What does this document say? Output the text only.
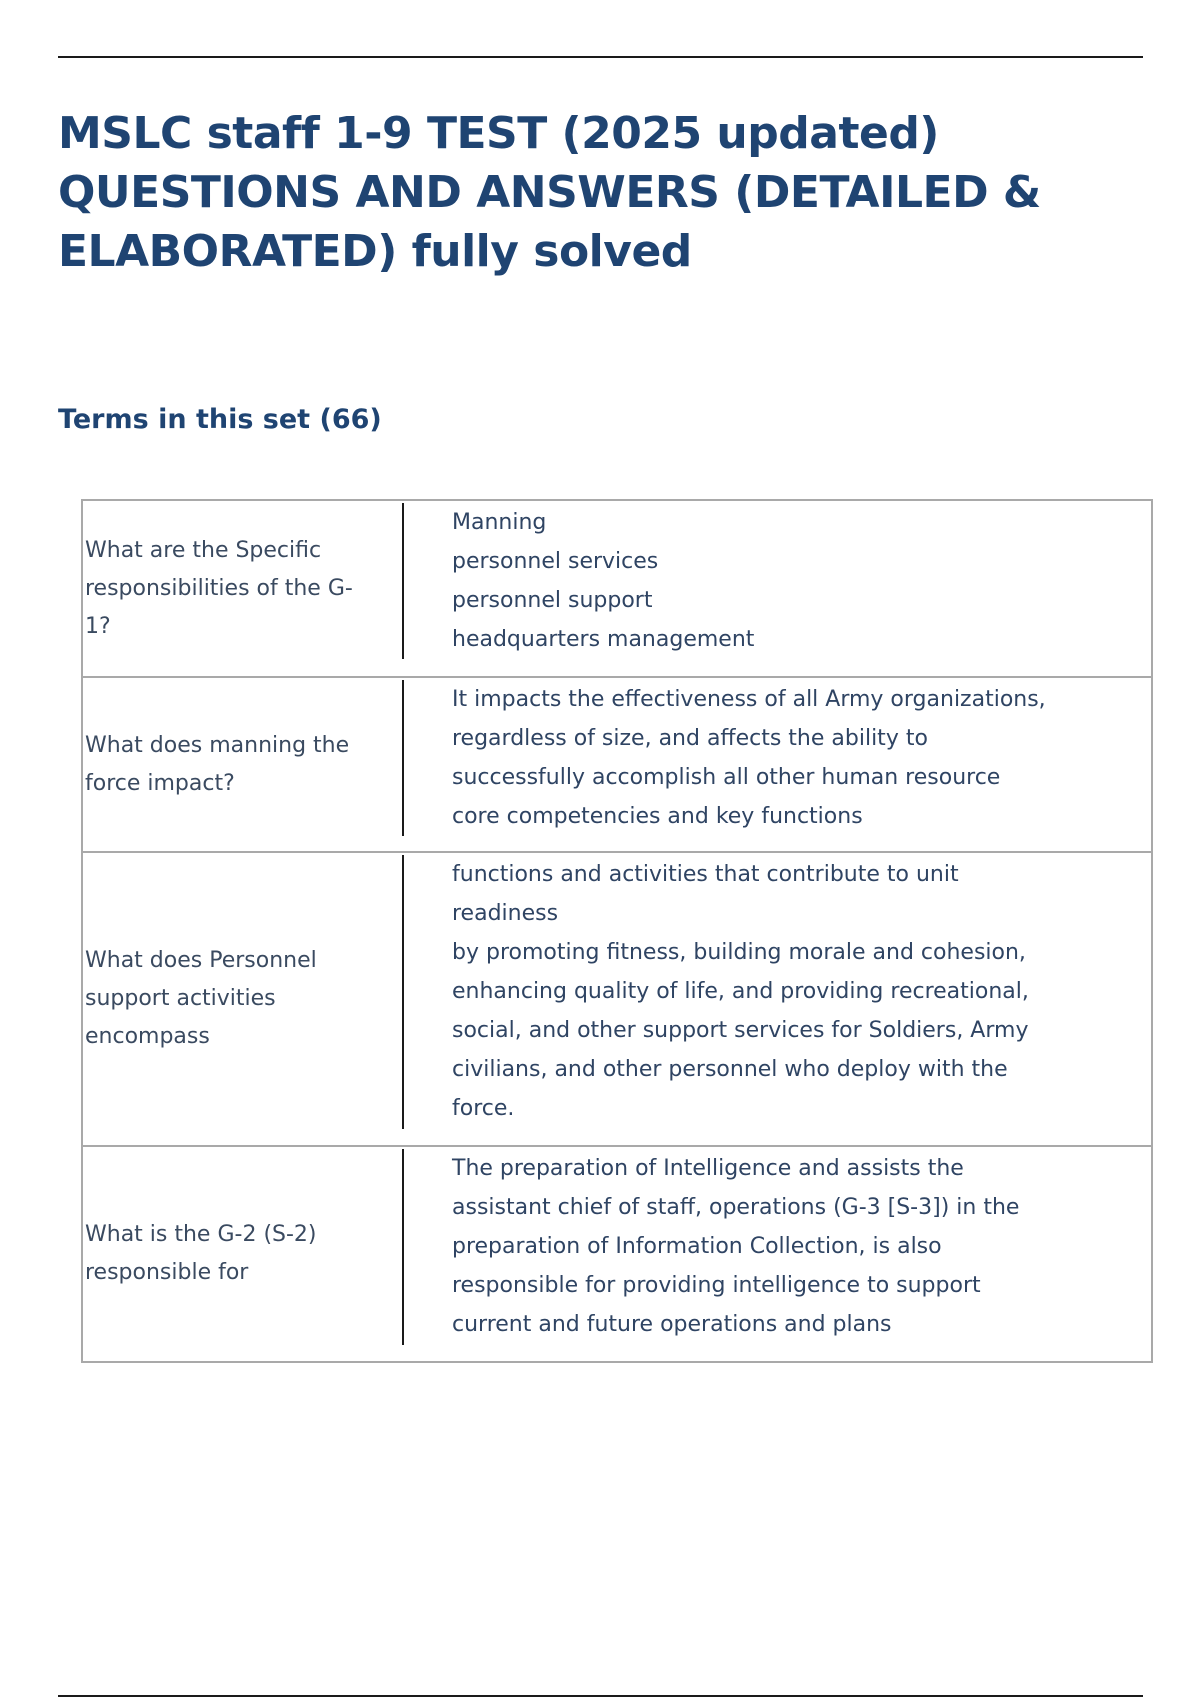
MSLC staff 1-9 TEST (2025 updated) QUESTIONS AND ANSWERS (DETAILED & ELABORATED) fully solved
Terms in this set (66)
What are the Specific responsibilities of the G-1?
Manning
personnel services
personnel support
headquarters management
What does manning the force impact?
It impacts the effectiveness of all Army organizations,
regardless of size, and affects the ability to
successfully accomplish all other human resource
core competencies and key functions
What does Personnel support activities encompass
functions and activities that contribute to unit
readiness
by promoting fitness, building morale and cohesion,
enhancing quality of life, and providing recreational,
social, and other support services for Soldiers, Army
civilians, and other personnel who deploy with the
force.
What is the G-2 (S-2) responsible for
The preparation of Intelligence and assists the
assistant chief of staff, operations (G-3 [S-3]) in the
preparation of Information Collection, is also
responsible for providing intelligence to support
current and future operations and plans
